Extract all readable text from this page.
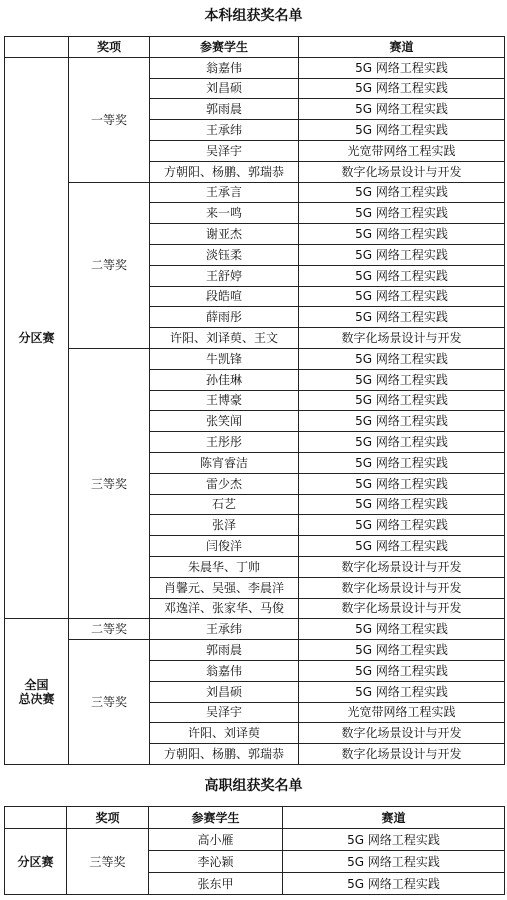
本科组获奖名单
	奖项	参赛学生	赛道
分区赛	一等奖	翁嘉伟	5G 网络工程实践
		刘昌硕	5G 网络工程实践
		郭雨晨	5G 网络工程实践
		王承纬	5G 网络工程实践
		吴泽宇	光宽带网络工程实践
		方朝阳、杨鹏、郭瑞恭	数字化场景设计与开发
	二等奖	王承言	5G 网络工程实践
		来一鸣	5G 网络工程实践
		谢亚杰	5G 网络工程实践
		淡钰柔	5G 网络工程实践
		王舒婷	5G 网络工程实践
		段皓喧	5G 网络工程实践
		薛雨彤	5G 网络工程实践
		许阳、刘译萸、王文	数字化场景设计与开发
	三等奖	牛凯锋	5G 网络工程实践
		孙佳琳	5G 网络工程实践
		王博豪	5G 网络工程实践
		张笑闻	5G 网络工程实践
		王彤彤	5G 网络工程实践
		陈宵睿洁	5G 网络工程实践
		雷少杰	5G 网络工程实践
		石艺	5G 网络工程实践
		张泽	5G 网络工程实践
		闫俊洋	5G 网络工程实践
		朱晨华、丁帅	数字化场景设计与开发
		肖馨元、吴强、李晨洋	数字化场景设计与开发
		邓逸洋、张家华、马俊	数字化场景设计与开发

全国
总决赛	二等奖	王承纬	5G 网络工程实践
	三等奖	郭雨晨	5G 网络工程实践
		翁嘉伟	5G 网络工程实践
		刘昌硕	5G 网络工程实践
		吴泽宇	光宽带网络工程实践
		许阳、刘译萸	数字化场景设计与开发
		方朝阳、杨鹏、郭瑞恭	数字化场景设计与开发
高职组获奖名单
	奖项	参赛学生	赛道
分区赛	三等奖	高小雁	5G 网络工程实践
		李沁颖	5G 网络工程实践
		张东甲	5G 网络工程实践
